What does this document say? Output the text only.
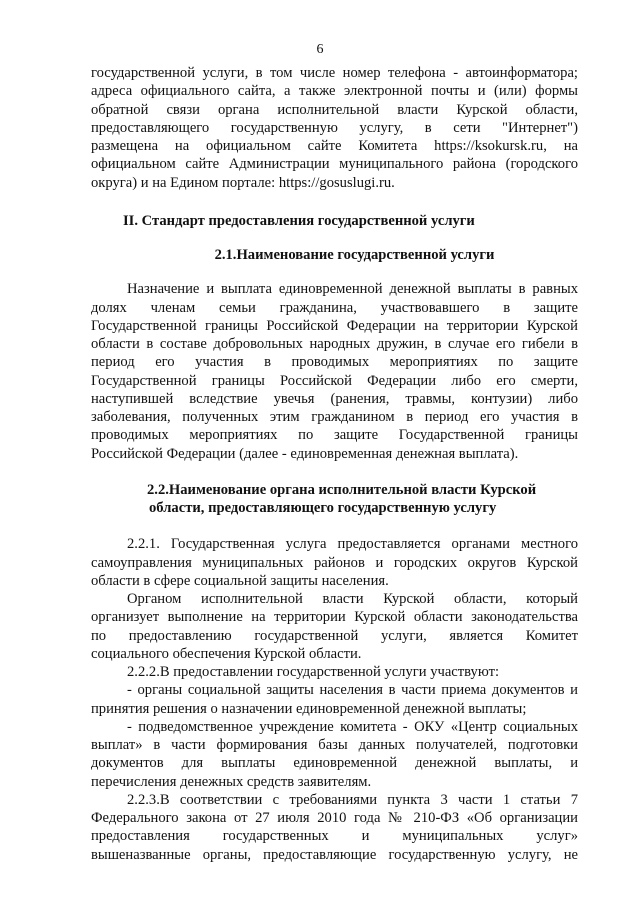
6
государственной услуги, в том числе номер телефона - автоинформатора;
адреса официального сайта, а также электронной почты и (или) формы
обратной связи органа исполнительной власти Курской области,
предоставляющего государственную услугу, в сети "Интернет")
размещена на официальном сайте Комитета https://ksokursk.ru, на
официальном сайте Администрации муниципального района (городского
округа) и на Едином портале: https://gosuslugi.ru.
II. Стандарт предоставления государственной услуги
2.1.Наименование государственной услуги
Назначение и выплата единовременной денежной выплаты в равных
долях членам семьи гражданина, участвовавшего в защите
Государственной границы Российской Федерации на территории Курской
области в составе добровольных народных дружин, в случае его гибели в
период его участия в проводимых мероприятиях по защите
Государственной границы Российской Федерации либо его смерти,
наступившей вследствие увечья (ранения, травмы, контузии) либо
заболевания, полученных этим гражданином в период его участия в
проводимых мероприятиях по защите Государственной границы
Российской Федерации (далее - единовременная денежная выплата).
2.2.Наименование органа исполнительной власти Курской
области, предоставляющего государственную услугу
2.2.1. Государственная услуга предоставляется органами местного
самоуправления муниципальных районов и городских округов Курской
области в сфере социальной защиты населения.
Органом исполнительной власти Курской области, который
организует выполнение на территории Курской области законодательства
по предоставлению государственной услуги, является Комитет
социального обеспечения Курской области.
2.2.2.В предоставлении государственной услуги участвуют:
- органы социальной защиты населения в части приема документов и
принятия решения о назначении единовременной денежной выплаты;
- подведомственное учреждение комитета - ОКУ «Центр социальных
выплат» в части формирования базы данных получателей, подготовки
документов для выплаты единовременной денежной выплаты, и
перечисления денежных средств заявителям.
2.2.3.В соответствии с требованиями пункта 3 части 1 статьи 7
Федерального закона от 27 июля 2010 года № 210-ФЗ «Об организации
предоставления государственных и муниципальных услуг»
вышеназванные органы, предоставляющие государственную услугу, не
